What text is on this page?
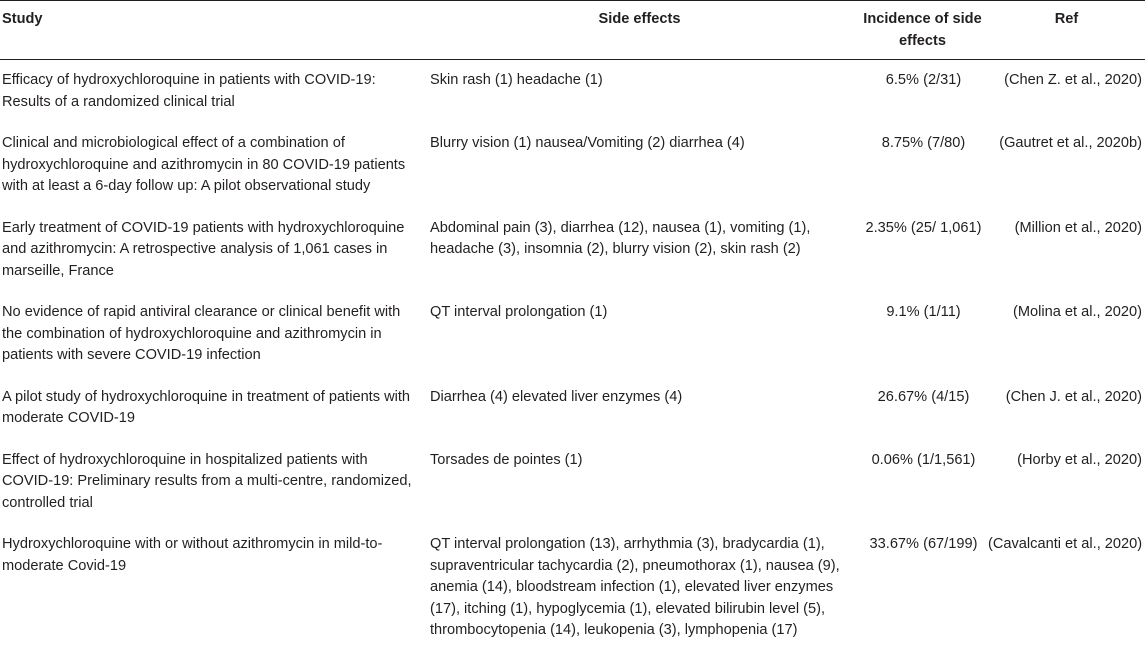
Study	Side effects	Incidence of side effects	Ref
Efficacy of hydroxychloroquine in patients with COVID-19: Results of a randomized clinical trial	Skin rash (1) headache (1)	6.5% (2/31)	(Chen Z. et al., 2020)
Clinical and microbiological effect of a combination of hydroxychloroquine and azithromycin in 80 COVID-19 patients with at least a 6-day follow up: A pilot observational study	Blurry vision (1) nausea/Vomiting (2) diarrhea (4)	8.75% (7/80)	(Gautret et al., 2020b)
Early treatment of COVID-19 patients with hydroxychloroquine and azithromycin: A retrospective analysis of 1,061 cases in marseille, France	Abdominal pain (3), diarrhea (12), nausea (1), vomiting (1), headache (3), insomnia (2), blurry vision (2), skin rash (2)	2.35% (25/ 1,061)	(Million et al., 2020)
No evidence of rapid antiviral clearance or clinical benefit with the combination of hydroxychloroquine and azithromycin in patients with severe COVID-19 infection	QT interval prolongation (1)	9.1% (1/11)	(Molina et al., 2020)
A pilot study of hydroxychloroquine in treatment of patients with moderate COVID-19	Diarrhea (4) elevated liver enzymes (4)	26.67% (4/15)	(Chen J. et al., 2020)
Effect of hydroxychloroquine in hospitalized patients with COVID-19: Preliminary results from a multi-centre, randomized, controlled trial	Torsades de pointes (1)	0.06% (1/1,561)	(Horby et al., 2020)
Hydroxychloroquine with or without azithromycin in mild-to-moderate Covid-19	QT interval prolongation (13), arrhythmia (3), bradycardia (1), supraventricular tachycardia (2), pneumothorax (1), nausea (9), anemia (14), bloodstream infection (1), elevated liver enzymes (17), itching (1), hypoglycemia (1), elevated bilirubin level (5), thrombocytopenia (14), leukopenia (3), lymphopenia (17)	33.67% (67/199)	(Cavalcanti et al., 2020)
